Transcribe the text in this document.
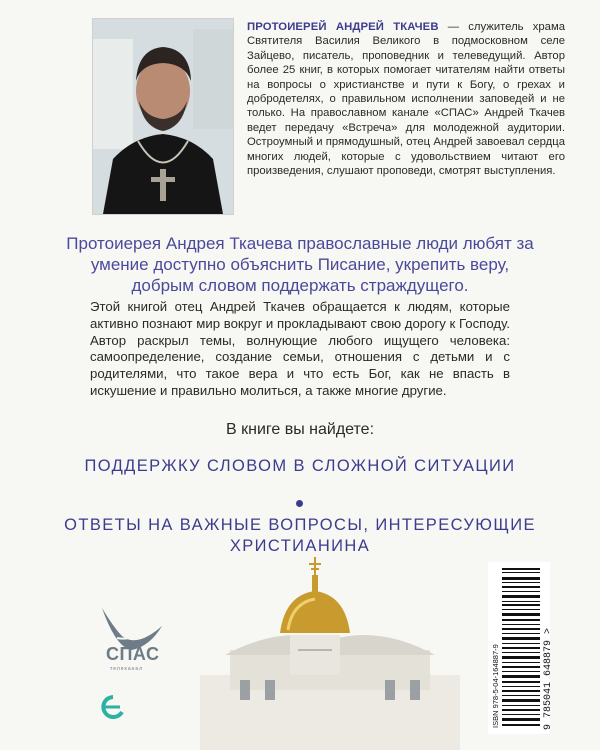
ПРОТОИЕРЕЙ АНДРЕЙ ТКАЧЕВ — служитель храма Святителя Василия Великого в подмосковном селе Зайцево, писатель, проповедник и телеведущий. Автор более 25 книг, в которых помогает читателям найти ответы на вопросы о христианстве и пути к Богу, о грехах и добродетелях, о правильном исполнении заповедей и не только. На православном канале «СПАС» Андрей Ткачев ведет передачу «Встреча» для молодежной аудитории. Остроумный и прямодушный, отец Андрей завоевал сердца многих людей, которые с удовольствием читают его произведения, слушают проповеди, смотрят выступления.
Протоиерея Андрея Ткачева православные люди любят за умение доступно объяснить Писание, укрепить веру, добрым словом поддержать страждущего.
Этой книгой отец Андрей Ткачев обращается к людям, которые активно познают мир вокруг и прокладывают свою дорогу к Господу. Автор раскрыл темы, волнующие любого ищущего человека: самоопределение, создание семьи, отношения с детьми и с родителями, что такое вера и что есть Бог, как не впасть в искушение и правильно молиться, а также многие другие.
В книге вы найдете:
ПОДДЕРЖКУ СЛОВОМ В СЛОЖНОЙ СИТУАЦИИ
ОТВЕТЫ НА ВАЖНЫЕ ВОПРОСЫ, ИНТЕРЕСУЮЩИЕ ХРИСТИАНИНА
СПАС
телеканал	ISBN 978-5-04-164887-9	9 785041 648879 >
